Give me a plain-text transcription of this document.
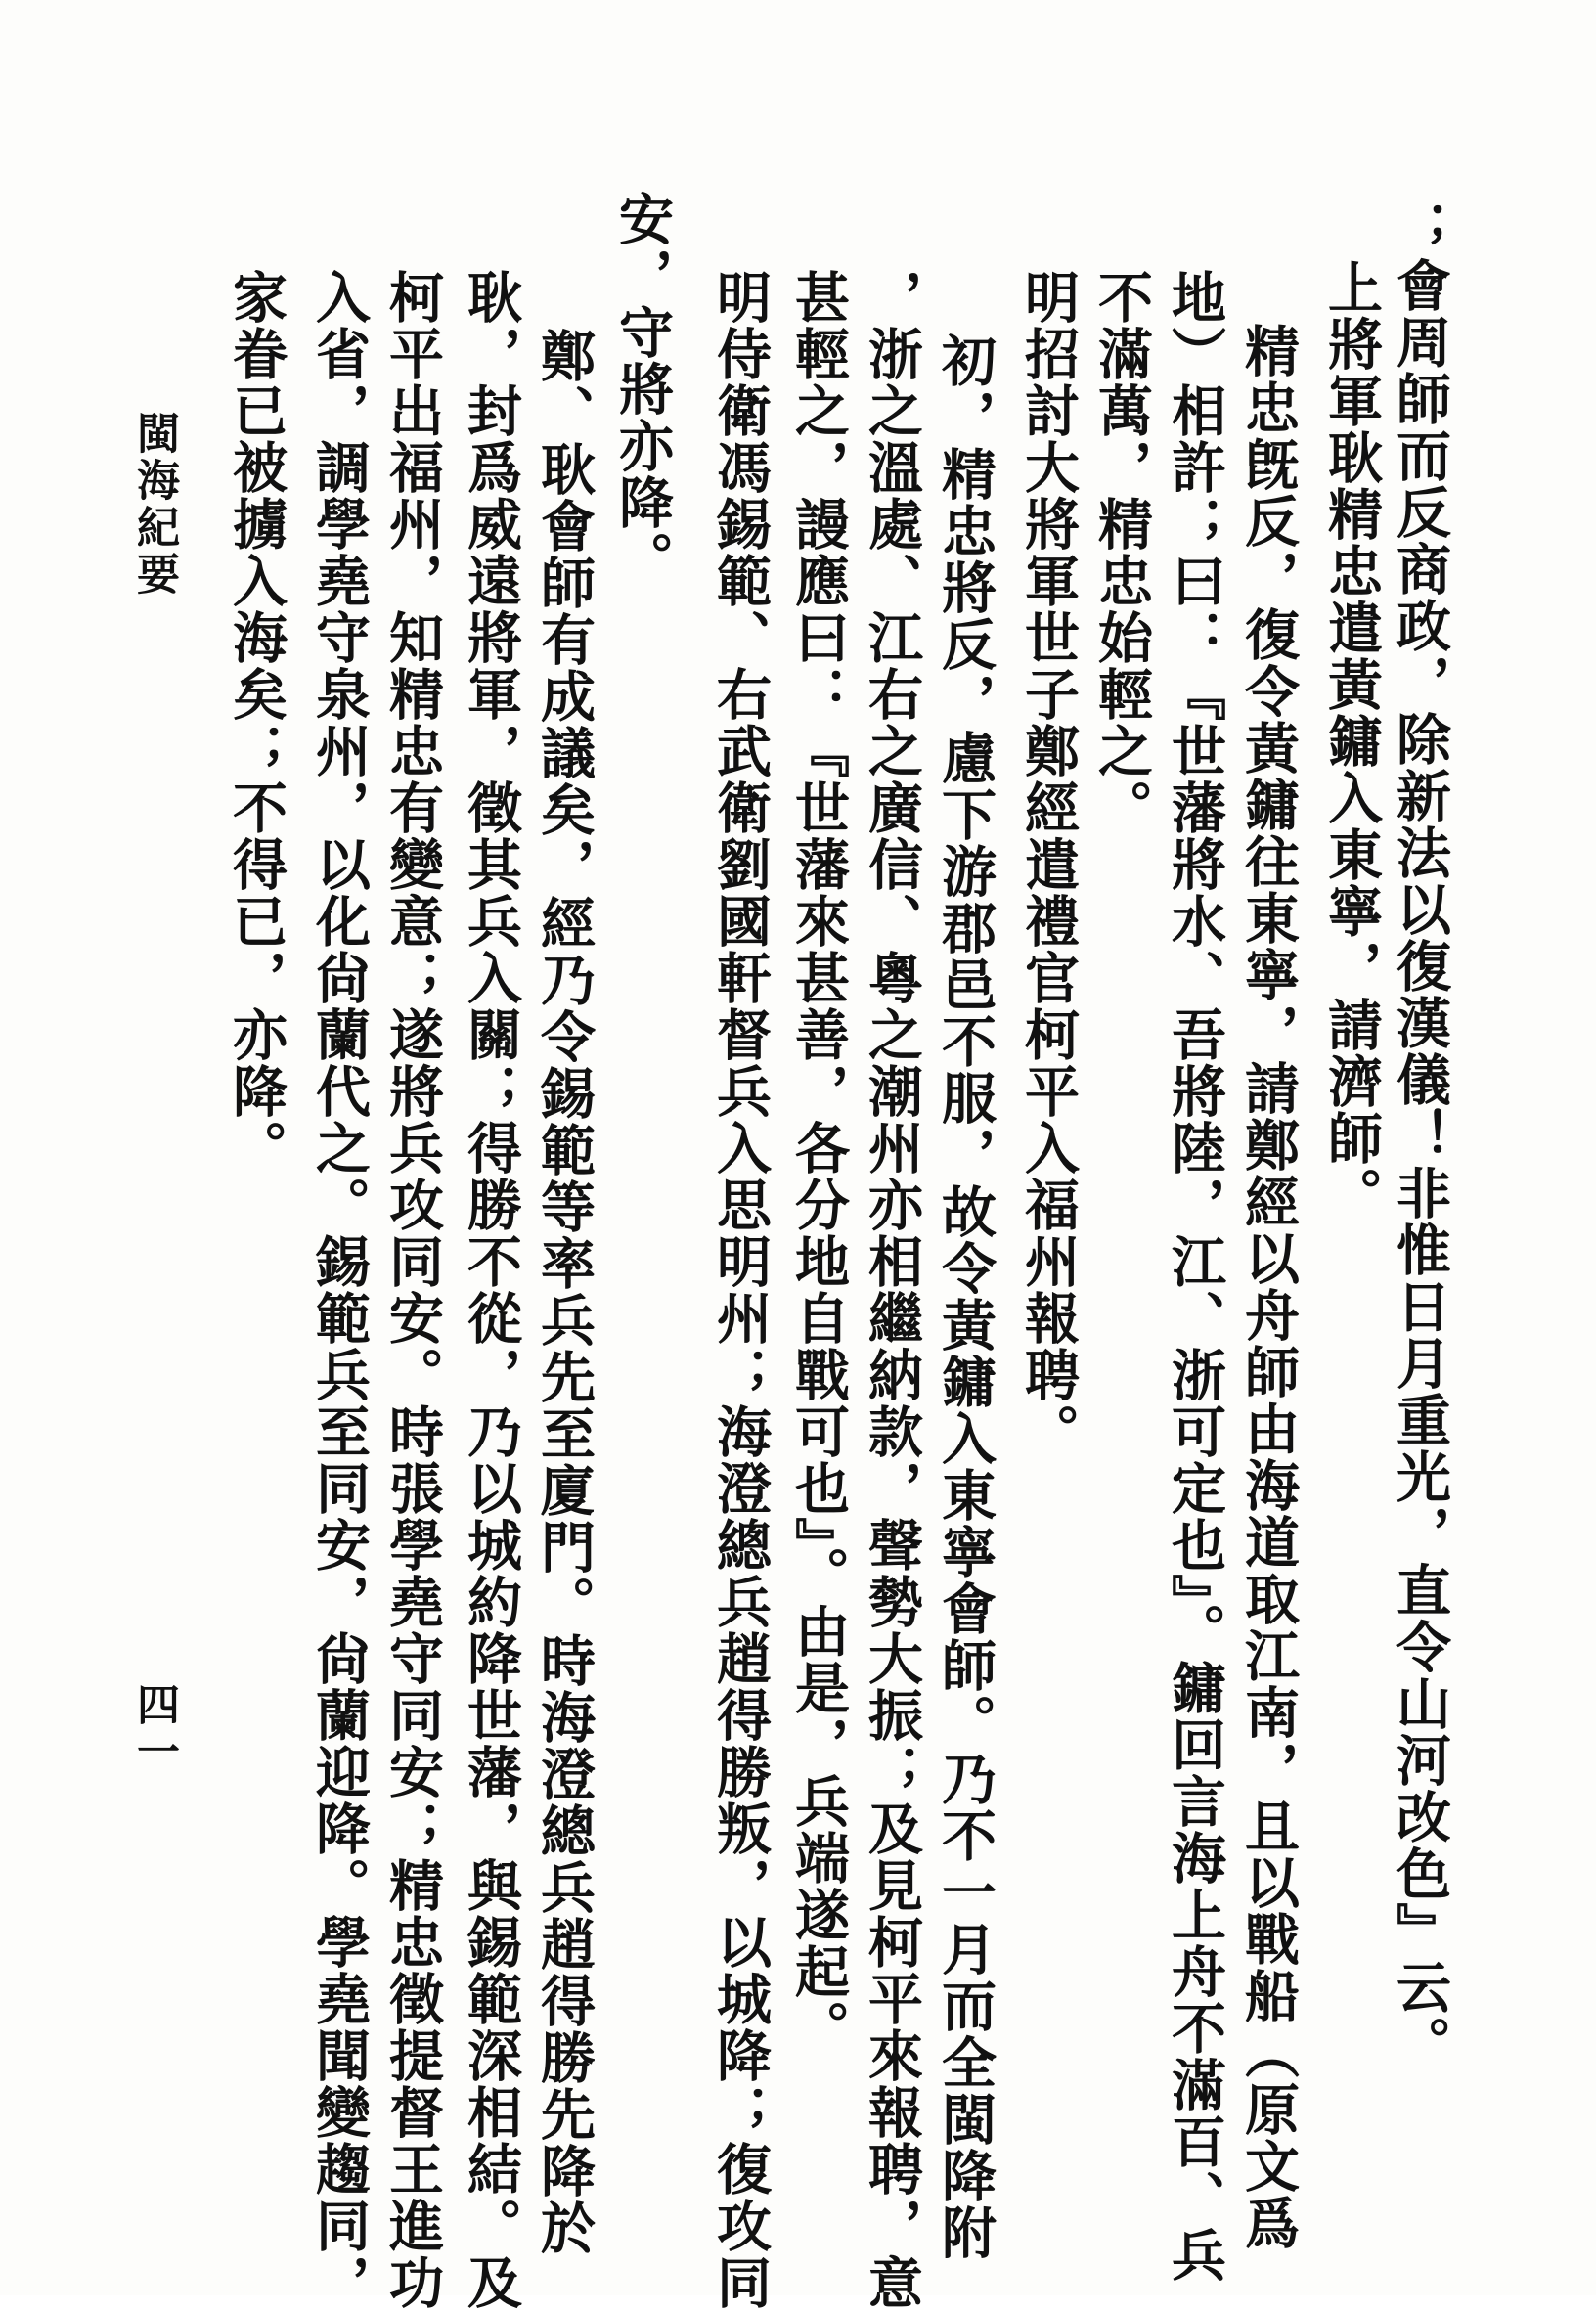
；會周師而反商政，除新法以復漢儀！非惟日月重光，直令山河改色』云。
上將軍耿精忠遣黃鏞入東寧，請濟師。
精忠旣反，復令黃鏞往東寧，請鄭經以舟師由海道取江南，且以戰船（原文爲
地）相許；曰：『世藩將水、吾將陸，江、浙可定也』。鏞回言海上舟不滿百、兵
不滿萬，精忠始輕之。
明招討大將軍世子鄭經遣禮官柯平入福州報聘。
初，精忠將反，慮下游郡邑不服，故令黃鏞入東寧會師。乃不一月而全閩降附
，浙之溫處、江右之廣信、粵之潮州亦相繼納款，聲勢大振；及見柯平來報聘，意
甚輕之，謾應曰：『世藩來甚善，各分地自戰可也』。由是，兵端遂起。
明侍衛馮錫範、右武衛劉國軒督兵入思明州；海澄總兵趙得勝叛，以城降；復攻同
安，守將亦降。
鄭、耿會師有成議矣，經乃令錫範等率兵先至廈門。時海澄總兵趙得勝先降於
耿，封爲威遠將軍，徵其兵入關；得勝不從，乃以城約降世藩，與錫範深相結。及
柯平出福州，知精忠有變意；遂將兵攻同安。時張學堯守同安；精忠徵提督王進功
入省，調學堯守泉州，以化尙蘭代之。錫範兵至同安，尙蘭迎降。學堯聞變趨同，
家眷已被擄入海矣；不得已，亦降。
閩海紀要
四一
